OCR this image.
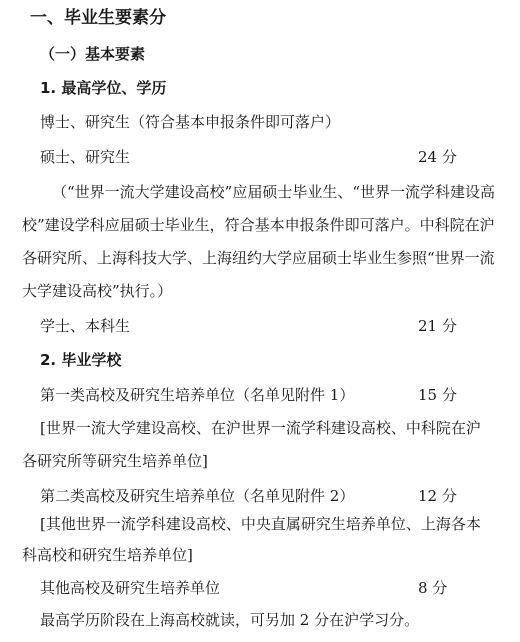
一、毕业生要素分
（一）基本要素
1. 最高学位、学历
博士、研究生（符合基本申报条件即可落户）
硕士、研究生	24 分
（“世界一流大学建设高校”应届硕士毕业生、“世界一流学科建设高
校”建设学科应届硕士毕业生，符合基本申报条件即可落户。中科院在沪
各研究所、上海科技大学、上海纽约大学应届硕士毕业生参照“世界一流
大学建设高校”执行。）
学士、本科生	21 分
2. 毕业学校
第一类高校及研究生培养单位（名单见附件 1）	15 分
[世界一流大学建设高校、在沪世界一流学科建设高校、中科院在沪
各研究所等研究生培养单位]
第二类高校及研究生培养单位（名单见附件 2）	12 分
[其他世界一流学科建设高校、中央直属研究生培养单位、上海各本
科高校和研究生培养单位]
其他高校及研究生培养单位	8 分
最高学历阶段在上海高校就读，可另加 2 分在沪学习分。
